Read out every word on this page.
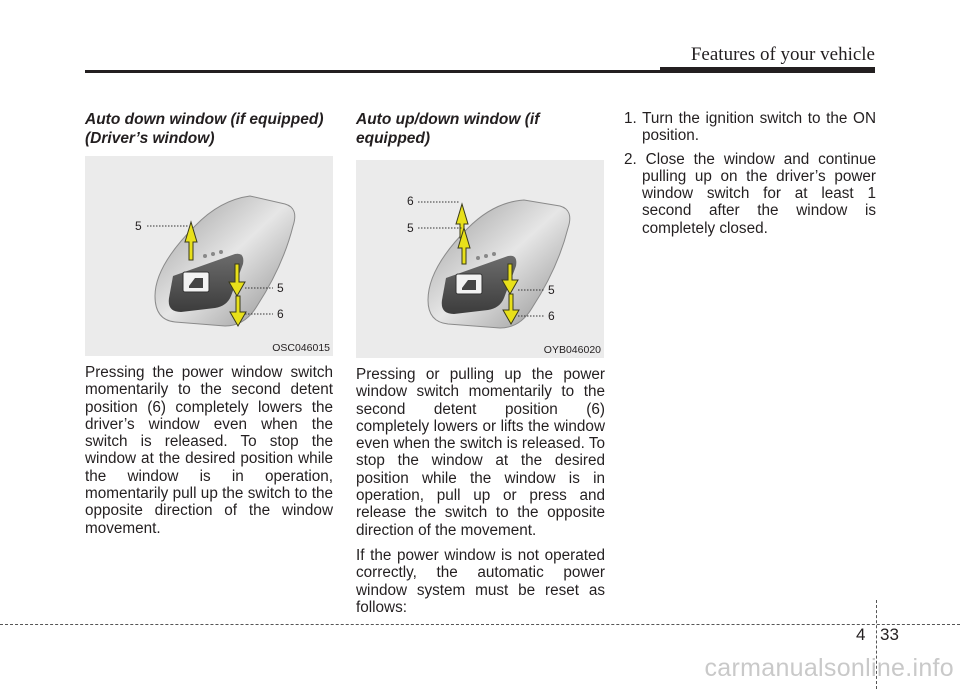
Features of your vehicle

Auto down window (if equipped)
(Driver’s window)

5
5
6
OSC046015

Pressing the power window switch momentarily to the second detent position (6) completely lowers the driver’s window even when the switch is released. To stop the window at the desired position while the window is in operation, momentarily pull up the switch to the opposite direction of the window movement.

Auto up/down window (if equipped)

6
5
5
6
OYB046020

Pressing or pulling up the power window switch momentarily to the second detent position (6) completely lowers or lifts the window even when the switch is released. To stop the window at the desired position while the window is in operation, pull up or press and release the switch to the opposite direction of the movement.

If the power window is not operated correctly, the automatic power window system must be reset as follows:

1. Turn the ignition switch to the ON position.
2. Close the window and continue pulling up on the driver’s power window switch for at least 1 second after the window is completely closed.
4 33
carmanualsonline.info
